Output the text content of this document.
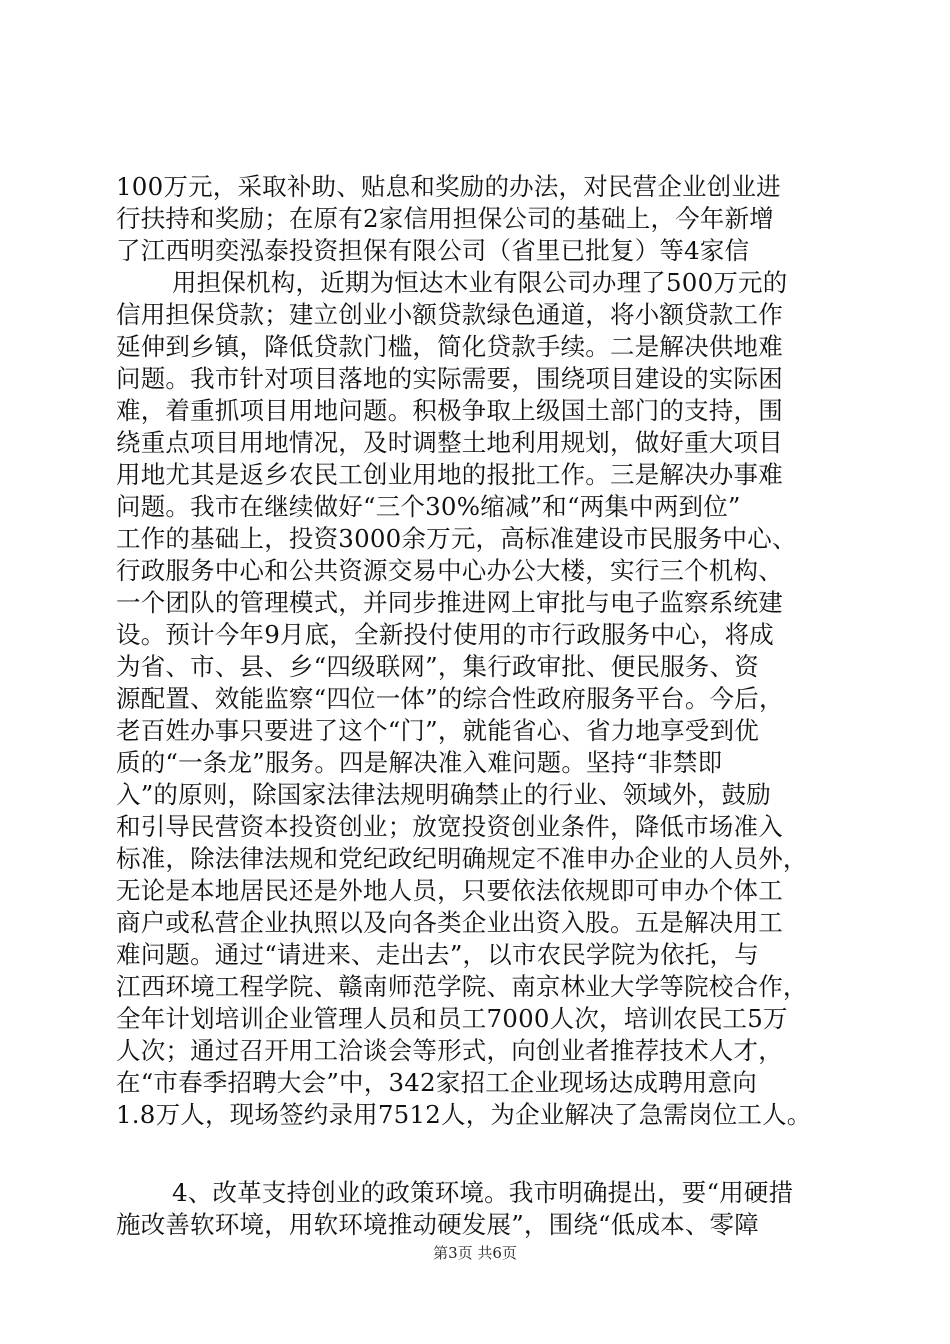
100万元，采取补助、贴息和奖励的办法，对民营企业创业进
行扶持和奖励；在原有2家信用担保公司的基础上，今年新增
了江西明奕泓泰投资担保有限公司（省里已批复）等4家信
用担保机构，近期为恒达木业有限公司办理了500万元的
信用担保贷款；建立创业小额贷款绿色通道，将小额贷款工作
延伸到乡镇，降低贷款门槛，简化贷款手续。二是解决供地难
问题。我市针对项目落地的实际需要，围绕项目建设的实际困
难，着重抓项目用地问题。积极争取上级国土部门的支持，围
绕重点项目用地情况，及时调整土地利用规划，做好重大项目
用地尤其是返乡农民工创业用地的报批工作。三是解决办事难
问题。我市在继续做好“三个30%缩减”和“两集中两到位”
工作的基础上，投资3000余万元，高标准建设市民服务中心、
行政服务中心和公共资源交易中心办公大楼，实行三个机构、
一个团队的管理模式，并同步推进网上审批与电子监察系统建
设。预计今年9月底，全新投付使用的市行政服务中心，将成
为省、市、县、乡“四级联网”，集行政审批、便民服务、资
源配置、效能监察“四位一体”的综合性政府服务平台。今后，
老百姓办事只要进了这个“门”，就能省心、省力地享受到优
质的“一条龙”服务。四是解决准入难问题。坚持“非禁即
入”的原则，除国家法律法规明确禁止的行业、领域外，鼓励
和引导民营资本投资创业；放宽投资创业条件，降低市场准入
标准，除法律法规和党纪政纪明确规定不准申办企业的人员外，
无论是本地居民还是外地人员，只要依法依规即可申办个体工
商户或私营企业执照以及向各类企业出资入股。五是解决用工
难问题。通过“请进来、走出去”，以市农民学院为依托，与
江西环境工程学院、赣南师范学院、南京林业大学等院校合作，
全年计划培训企业管理人员和员工7000人次，培训农民工5万
人次；通过召开用工洽谈会等形式，向创业者推荐技术人才，
在“市春季招聘大会”中，342家招工企业现场达成聘用意向
1.8万人，现场签约录用7512人，为企业解决了急需岗位工人。
4、改革支持创业的政策环境。我市明确提出，要“用硬措
施改善软环境，用软环境推动硬发展”，围绕“低成本、零障
第3页 共6页
